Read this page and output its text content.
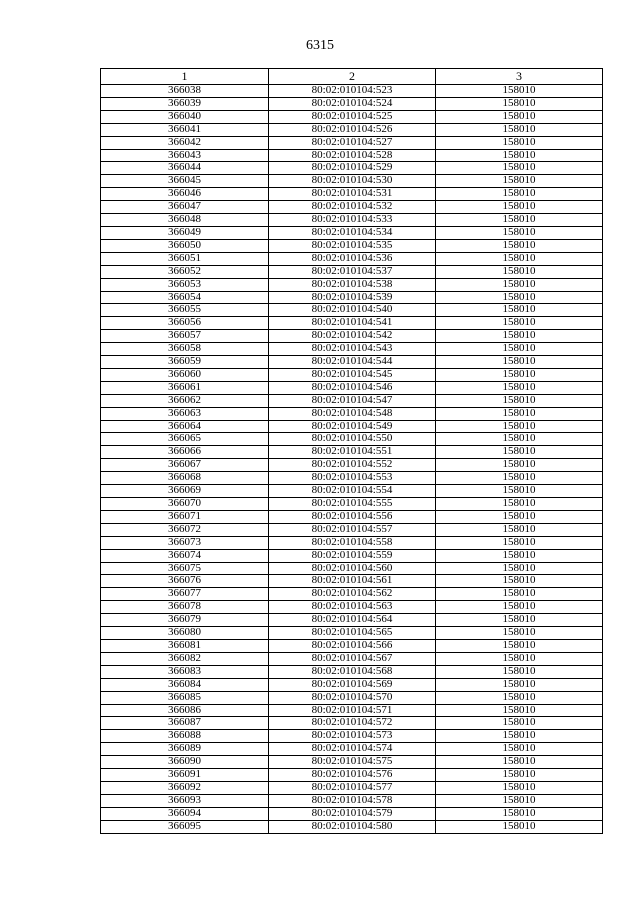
6315
1	2	3
366038	80:02:010104:523	158010
366039	80:02:010104:524	158010
366040	80:02:010104:525	158010
366041	80:02:010104:526	158010
366042	80:02:010104:527	158010
366043	80:02:010104:528	158010
366044	80:02:010104:529	158010
366045	80:02:010104:530	158010
366046	80:02:010104:531	158010
366047	80:02:010104:532	158010
366048	80:02:010104:533	158010
366049	80:02:010104:534	158010
366050	80:02:010104:535	158010
366051	80:02:010104:536	158010
366052	80:02:010104:537	158010
366053	80:02:010104:538	158010
366054	80:02:010104:539	158010
366055	80:02:010104:540	158010
366056	80:02:010104:541	158010
366057	80:02:010104:542	158010
366058	80:02:010104:543	158010
366059	80:02:010104:544	158010
366060	80:02:010104:545	158010
366061	80:02:010104:546	158010
366062	80:02:010104:547	158010
366063	80:02:010104:548	158010
366064	80:02:010104:549	158010
366065	80:02:010104:550	158010
366066	80:02:010104:551	158010
366067	80:02:010104:552	158010
366068	80:02:010104:553	158010
366069	80:02:010104:554	158010
366070	80:02:010104:555	158010
366071	80:02:010104:556	158010
366072	80:02:010104:557	158010
366073	80:02:010104:558	158010
366074	80:02:010104:559	158010
366075	80:02:010104:560	158010
366076	80:02:010104:561	158010
366077	80:02:010104:562	158010
366078	80:02:010104:563	158010
366079	80:02:010104:564	158010
366080	80:02:010104:565	158010
366081	80:02:010104:566	158010
366082	80:02:010104:567	158010
366083	80:02:010104:568	158010
366084	80:02:010104:569	158010
366085	80:02:010104:570	158010
366086	80:02:010104:571	158010
366087	80:02:010104:572	158010
366088	80:02:010104:573	158010
366089	80:02:010104:574	158010
366090	80:02:010104:575	158010
366091	80:02:010104:576	158010
366092	80:02:010104:577	158010
366093	80:02:010104:578	158010
366094	80:02:010104:579	158010
366095	80:02:010104:580	158010
